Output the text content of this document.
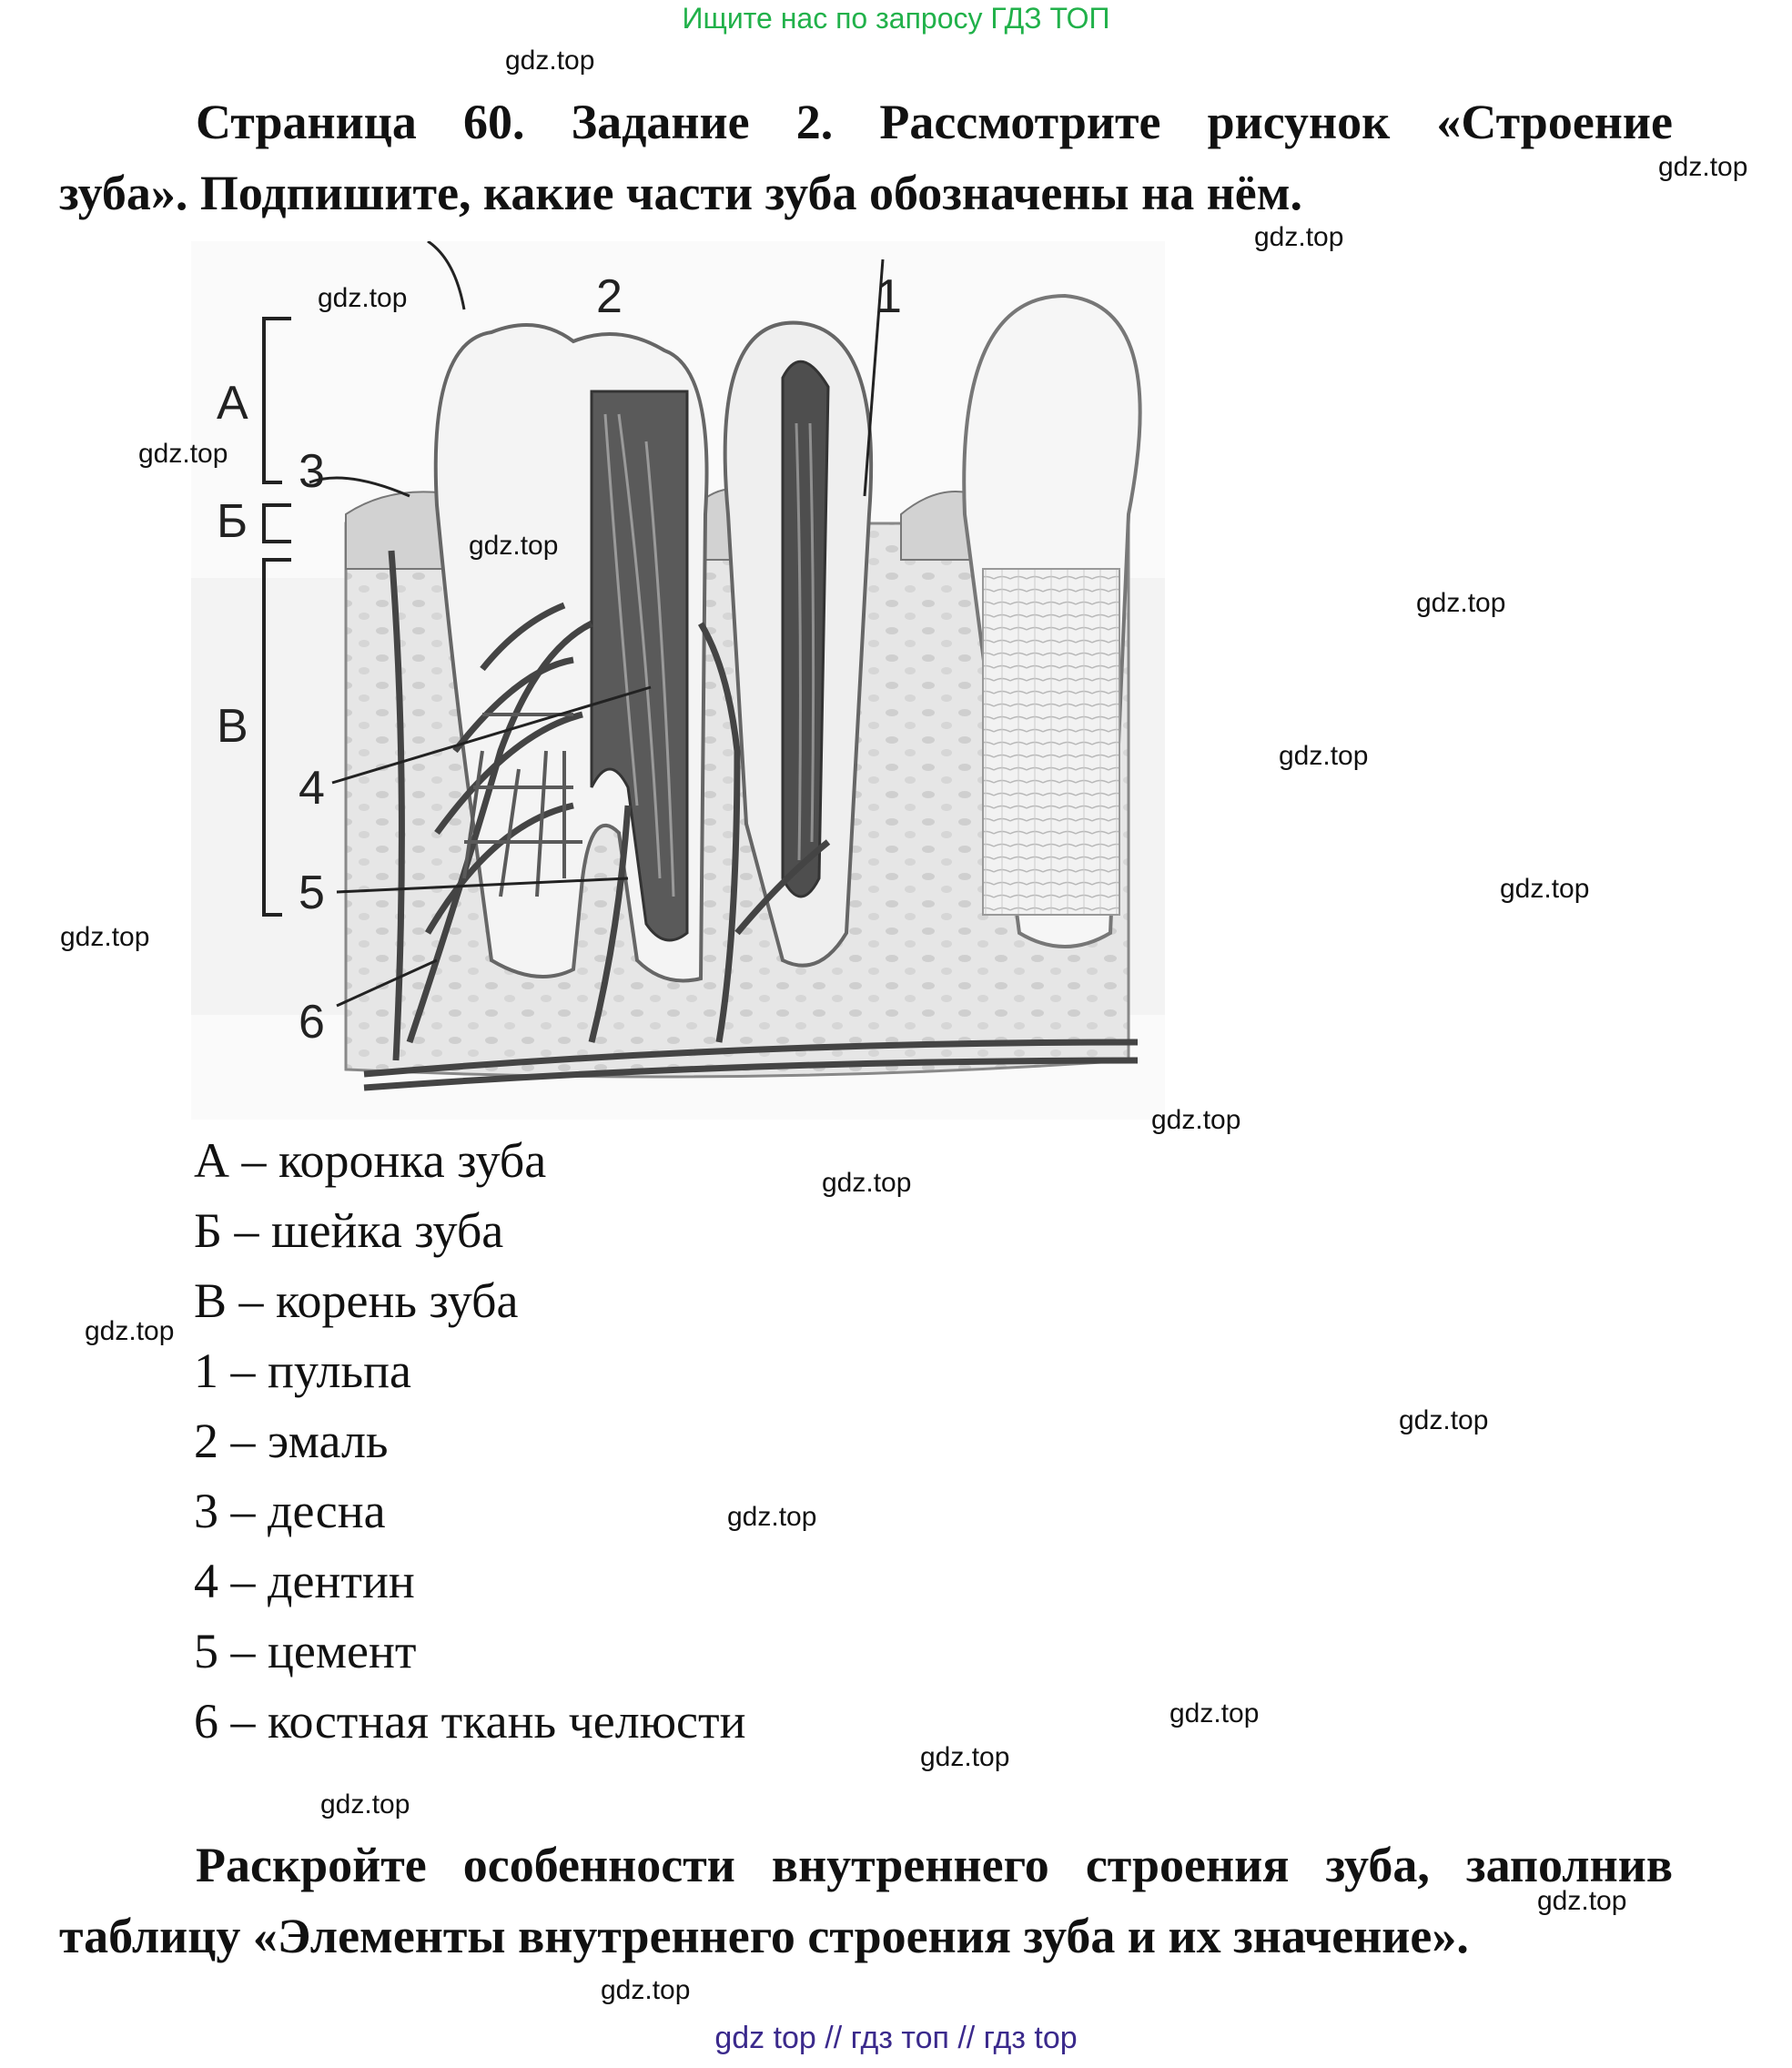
Ищите нас по запросу ГДЗ ТОП
Страница 60. Задание 2. Рассмотрите рисунок «Строение
зуба». Подпишите, какие части зуба обозначены на нём.
А
Б
В
1
2
3
4
5
6
А – коронка зуба
Б – шейка зуба
В – корень зуба
1 – пульпа
2 – эмаль
3 – десна
4 – дентин
5 – цемент
6 – костная ткань челюсти
Раскройте особенности внутреннего строения зуба, заполнив
таблицу «Элементы внутреннего строения зуба и их значение».
gdz.top
gdz.top
gdz.top
gdz.top
gdz.top
gdz.top
gdz.top
gdz.top
gdz.top
gdz.top
gdz.top
gdz.top
gdz.top
gdz.top
gdz.top
gdz.top
gdz.top
gdz.top
gdz.top
gdz.top
gdz top // гдз топ // гдз top
